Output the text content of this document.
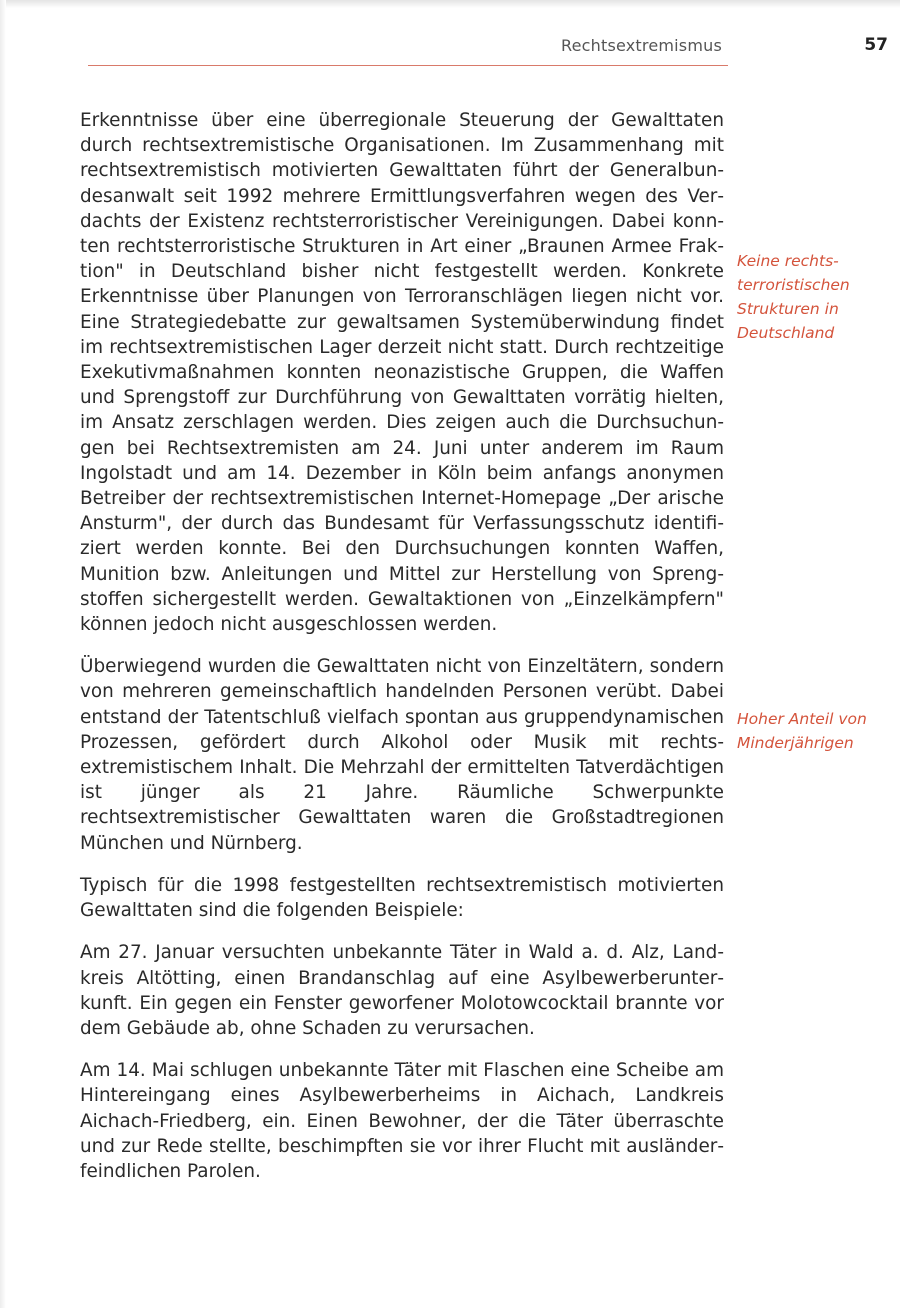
Rechtsextremismus	57

Erkenntnisse über eine überregionale Steuerung der Gewalttaten durch rechtsextremistische Organisationen. Im Zusammenhang mit rechtsextremistisch motivierten Gewalttaten führt der Generalbundesanwalt seit 1992 mehrere Ermittlungsverfahren wegen des Verdachts der Existenz rechtsterroristischer Vereinigungen. Dabei konnten rechtsterroristische Strukturen in Art einer „Braunen Armee Fraktion" in Deutschland bisher nicht festgestellt werden. Konkrete Erkenntnisse über Planungen von Terroranschlägen liegen nicht vor. Eine Strategiedebatte zur gewaltsamen Systemüberwindung findet im rechtsextremistischen Lager derzeit nicht statt. Durch rechtzeitige Exekutivmaßnahmen konnten neonazistische Gruppen, die Waffen und Sprengstoff zur Durchführung von Gewalttaten vorrätig hielten, im Ansatz zerschlagen werden. Dies zeigen auch die Durchsuchungen bei Rechtsextremisten am 24. Juni unter anderem im Raum Ingolstadt und am 14. Dezember in Köln beim anfangs anonymen Betreiber der rechtsextremistischen Internet-Homepage „Der arische Ansturm", der durch das Bundesamt für Verfassungsschutz identifiziert werden konnte. Bei den Durchsuchungen konnten Waffen, Munition bzw. Anleitungen und Mittel zur Herstellung von Sprengstoffen sichergestellt werden. Gewaltaktionen von „Einzelkämpfern" können jedoch nicht ausgeschlossen werden.

Überwiegend wurden die Gewalttaten nicht von Einzeltätern, sondern von mehreren gemeinschaftlich handelnden Personen verübt. Dabei entstand der Tatentschluß vielfach spontan aus gruppendynamischen Prozessen, gefördert durch Alkohol oder Musik mit rechtsextremistischem Inhalt. Die Mehrzahl der ermittelten Tatverdächtigen ist jünger als 21 Jahre. Räumliche Schwerpunkte rechtsextremistischer Gewalttaten waren die Großstadtregionen München und Nürnberg.

Typisch für die 1998 festgestellten rechtsextremistisch motivierten Gewalttaten sind die folgenden Beispiele:

Am 27. Januar versuchten unbekannte Täter in Wald a. d. Alz, Landkreis Altötting, einen Brandanschlag auf eine Asylbewerberunterkunft. Ein gegen ein Fenster geworfener Molotowcocktail brannte vor dem Gebäude ab, ohne Schaden zu verursachen.

Am 14. Mai schlugen unbekannte Täter mit Flaschen eine Scheibe am Hintereingang eines Asylbewerberheims in Aichach, Landkreis Aichach-Friedberg, ein. Einen Bewohner, der die Täter überraschte und zur Rede stellte, beschimpften sie vor ihrer Flucht mit ausländerfeindlichen Parolen.

Keine rechtsterroristischen Strukturen in Deutschland
Hoher Anteil von Minderjährigen
